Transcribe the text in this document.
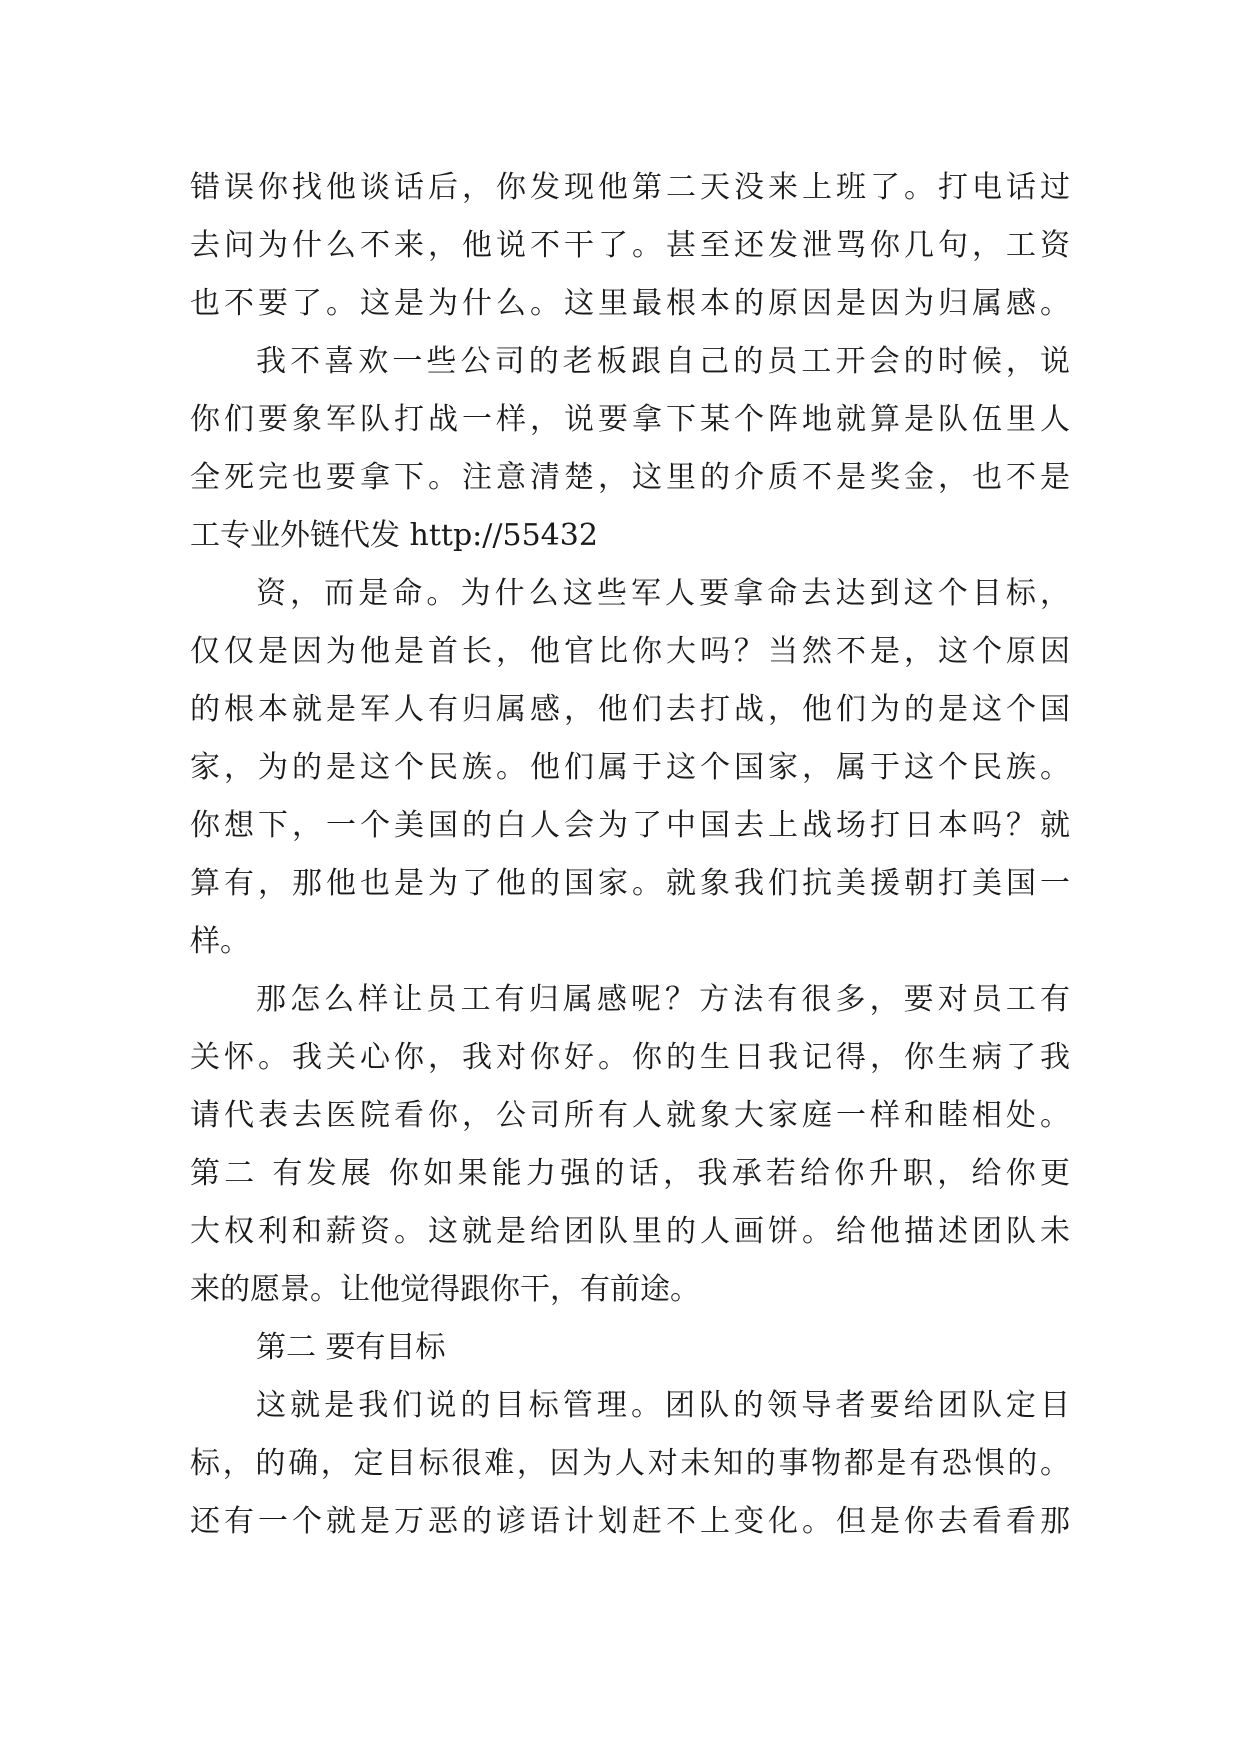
错误你找他谈话后，你发现他第二天没来上班了。打电话过
去问为什么不来，他说不干了。甚至还发泄骂你几句，工资
也不要了。这是为什么。这里最根本的原因是因为归属感。
我不喜欢一些公司的老板跟自己的员工开会的时候，说
你们要象军队打战一样，说要拿下某个阵地就算是队伍里人
全死完也要拿下。注意清楚，这里的介质不是奖金，也不是
工专业外链代发 http://55432
资，而是命。为什么这些军人要拿命去达到这个目标，
仅仅是因为他是首长，他官比你大吗？当然不是，这个原因
的根本就是军人有归属感，他们去打战，他们为的是这个国
家，为的是这个民族。他们属于这个国家，属于这个民族。
你想下，一个美国的白人会为了中国去上战场打日本吗？就
算有，那他也是为了他的国家。就象我们抗美援朝打美国一
样。
那怎么样让员工有归属感呢？方法有很多，要对员工有
关怀。我关心你，我对你好。你的生日我记得，你生病了我
请代表去医院看你，公司所有人就象大家庭一样和睦相处。
第二 有发展 你如果能力强的话，我承若给你升职，给你更
大权利和薪资。这就是给团队里的人画饼。给他描述团队未
来的愿景。让他觉得跟你干，有前途。
第二 要有目标
这就是我们说的目标管理。团队的领导者要给团队定目
标，的确，定目标很难，因为人对未知的事物都是有恐惧的。
还有一个就是万恶的谚语计划赶不上变化。但是你去看看那
